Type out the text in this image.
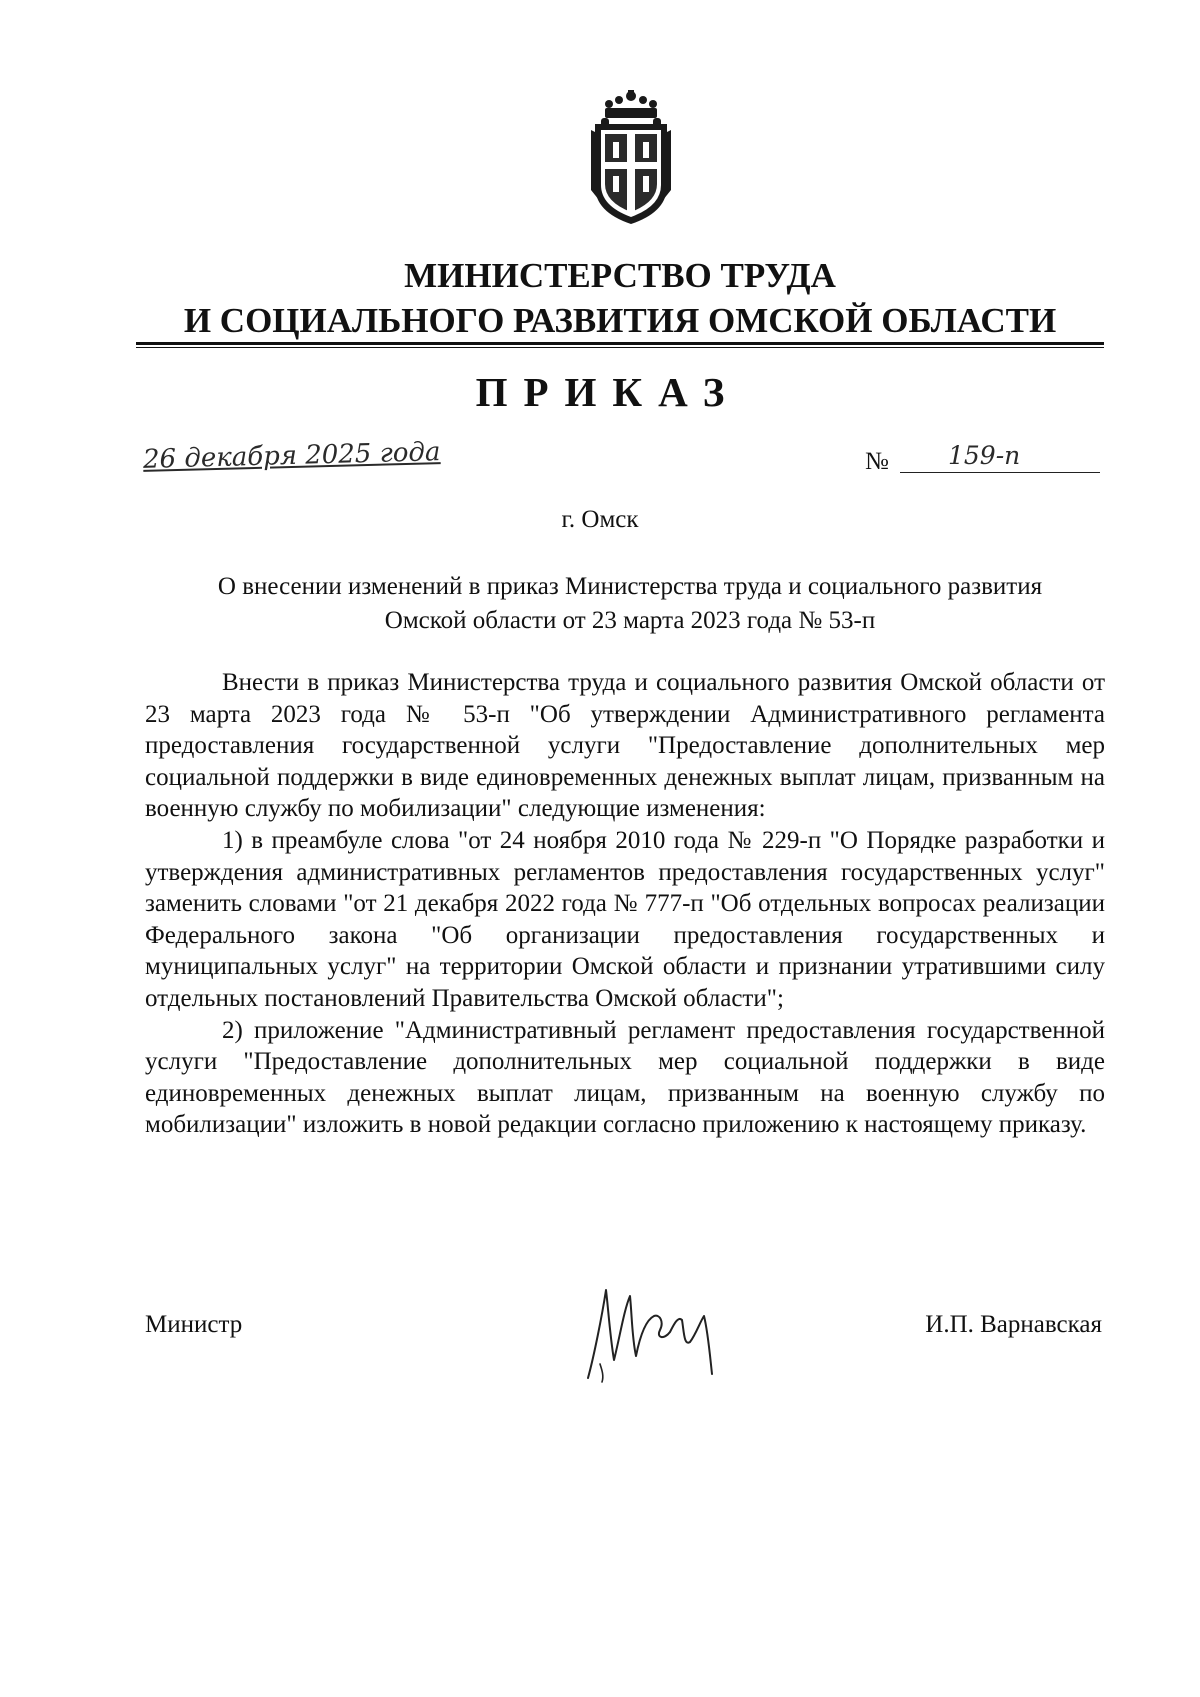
МИНИСТЕРСТВО ТРУДА
И СОЦИАЛЬНОГО РАЗВИТИЯ ОМСКОЙ ОБЛАСТИ
ПРИКАЗ
26 декабря 2025 года	№ 159-п
г. Омск
О внесении изменений в приказ Министерства труда и социального развития
Омской области от 23 марта 2023 года № 53-п

Внести в приказ Министерства труда и социального развития Омской области от 23 марта 2023 года № 53-п "Об утверждении Административного регламента предоставления государственной услуги "Предоставление дополнительных мер социальной поддержки в виде единовременных денежных выплат лицам, призванным на военную службу по мобилизации" следующие изменения:

1) в преамбуле слова "от 24 ноября 2010 года № 229-п "О Порядке разработки и утверждения административных регламентов предоставления государственных услуг" заменить словами "от 21 декабря 2022 года № 777-п "Об отдельных вопросах реализации Федерального закона "Об организации предоставления государственных и муниципальных услуг" на территории Омской области и признании утратившими силу отдельных постановлений Правительства Омской области";

2) приложение "Административный регламент предоставления государственной услуги "Предоставление дополнительных мер социальной поддержки в виде единовременных денежных выплат лицам, призванным на военную службу по мобилизации" изложить в новой редакции согласно приложению к настоящему приказу.

Министр	И.П. Варнавская
